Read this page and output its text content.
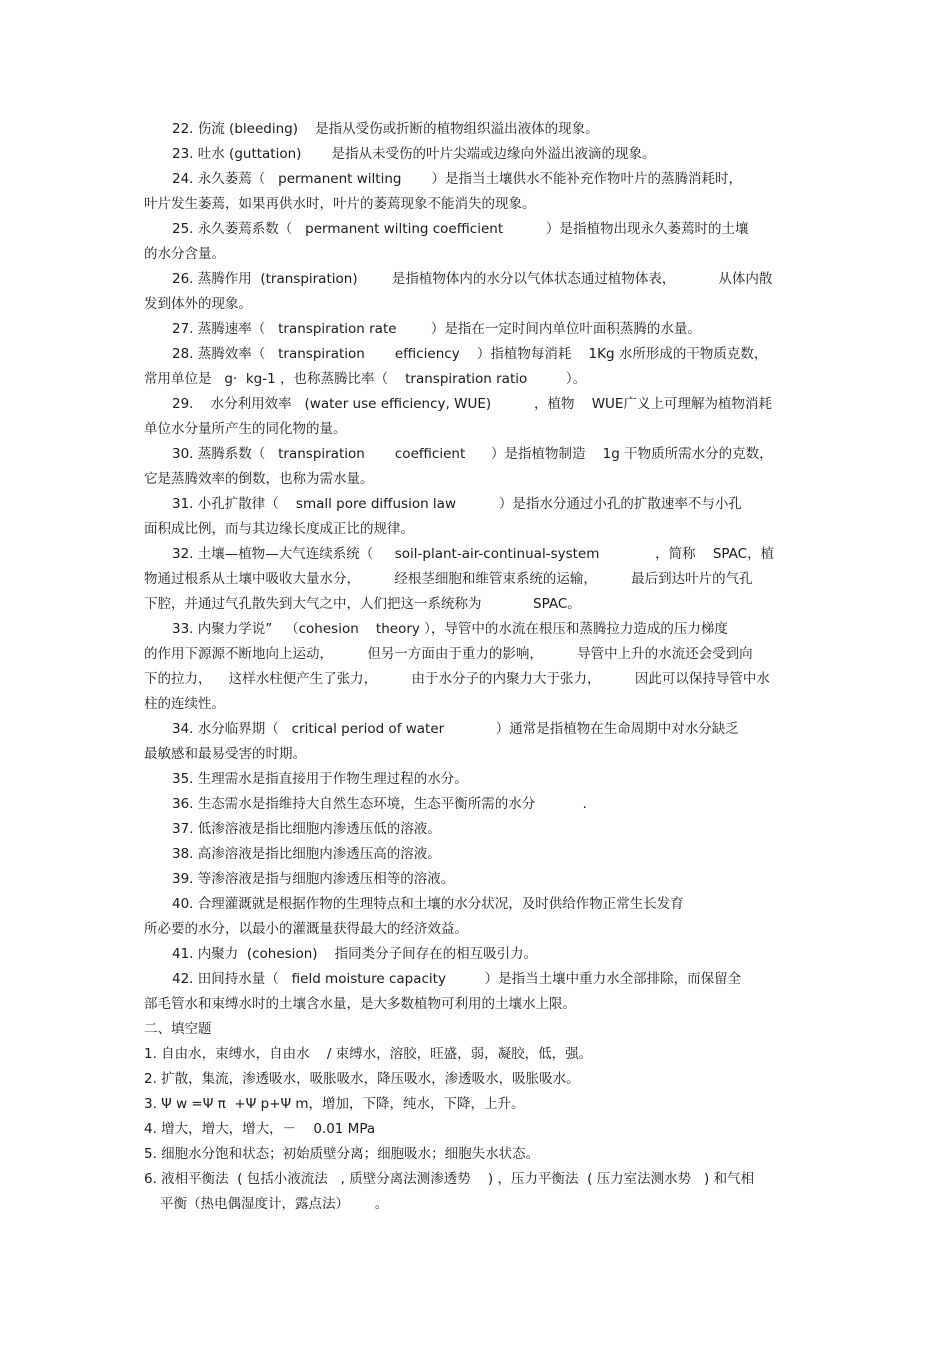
22. 伤流 (bleeding)    是指从受伤或折断的植物组织溢出液体的现象。
23. 吐水 (guttation)       是指从未受伤的叶片尖端或边缘向外溢出液滴的现象。
24. 永久萎蔫（   permanent wilting       ）是指当土壤供水不能补充作物叶片的蒸腾消耗时，
叶片发生萎蔫，如果再供水时，叶片的萎蔫现象不能消失的现象。
25. 永久萎蔫系数（   permanent wilting coefficient          ）是指植物出现永久萎蔫时的土壤
的水分含量。
26. 蒸腾作用  (transpiration)        是指植物体内的水分以气体状态通过植物体表，          从体内散
发到体外的现象。
27. 蒸腾速率（   transpiration rate        ）是指在一定时间内单位叶面积蒸腾的水量。
28. 蒸腾效率（   transpiration       efficiency    ）指植物每消耗    1Kg 水所形成的干物质克数，
常用单位是   g·  kg-1 ，也称蒸腾比率（    transpiration ratio         ）。
29.    水分利用效率   (water use efficiency, WUE)          ，植物    WUE广义上可理解为植物消耗
单位水分量所产生的同化物的量。
30. 蒸腾系数（   transpiration       coefficient      ）是指植物制造    1g 干物质所需水分的克数，
它是蒸腾效率的倒数，也称为需水量。
31. 小孔扩散律（    small pore diffusion law          ）是指水分通过小孔的扩散速率不与小孔
面积成比例，而与其边缘长度成正比的规律。
32. 土壤—植物—大气连续系统（     soil-plant-air-continual-system             ，简称    SPAC，植
物通过根系从土壤中吸收大量水分，        经根茎细胞和维管束系统的运输，        最后到达叶片的气孔
下腔，并通过气孔散失到大气之中，人们把这一系统称为            SPAC。
33. 内聚力学说”   （cohesion    theory ），导管中的水流在根压和蒸腾拉力造成的压力梯度
的作用下源源不断地向上运动，        但另一方面由于重力的影响，        导管中上升的水流还会受到向
下的拉力，    这样水柱便产生了张力，        由于水分子的内聚力大于张力，        因此可以保持导管中水
柱的连续性。
34. 水分临界期（   critical period of water            ）通常是指植物在生命周期中对水分缺乏
最敏感和最易受害的时期。
35. 生理需水是指直接用于作物生理过程的水分。
36. 生态需水是指维持大自然生态环境，生态平衡所需的水分           .
37. 低渗溶液是指比细胞内渗透压低的溶液。
38. 高渗溶液是指比细胞内渗透压高的溶液。
39. 等渗溶液是指与细胞内渗透压相等的溶液。
40. 合理灌溉就是根据作物的生理特点和土壤的水分状况，及时供给作物正常生长发育
所必要的水分，以最小的灌溉量获得最大的经济效益。
41. 内聚力  (cohesion)    指同类分子间存在的相互吸引力。
42. 田间持水量（   field moisture capacity         ）是指当土壤中重力水全部排除，而保留全
部毛管水和束缚水时的土壤含水量，是大多数植物可利用的土壤水上限。
二、填空题
1. 自由水，束缚水，自由水    / 束缚水，溶胶，旺盛，弱，凝胶，低，强。
2. 扩散，集流，渗透吸水，吸胀吸水，降压吸水，渗透吸水，吸胀吸水。
3. Ψ w =Ψ π  +Ψ p+Ψ m，增加，下降，纯水，下降，上升。
4. 增大，增大，增大，－    0.01 MPa
5. 细胞水分饱和状态；初始质壁分离；细胞吸水；细胞失水状态。
6. 液相平衡法  ( 包括小液流法   , 质壁分离法测渗透势    ) ，压力平衡法  ( 压力室法测水势   ) 和气相
平衡（热电偶湿度计，露点法）      。
